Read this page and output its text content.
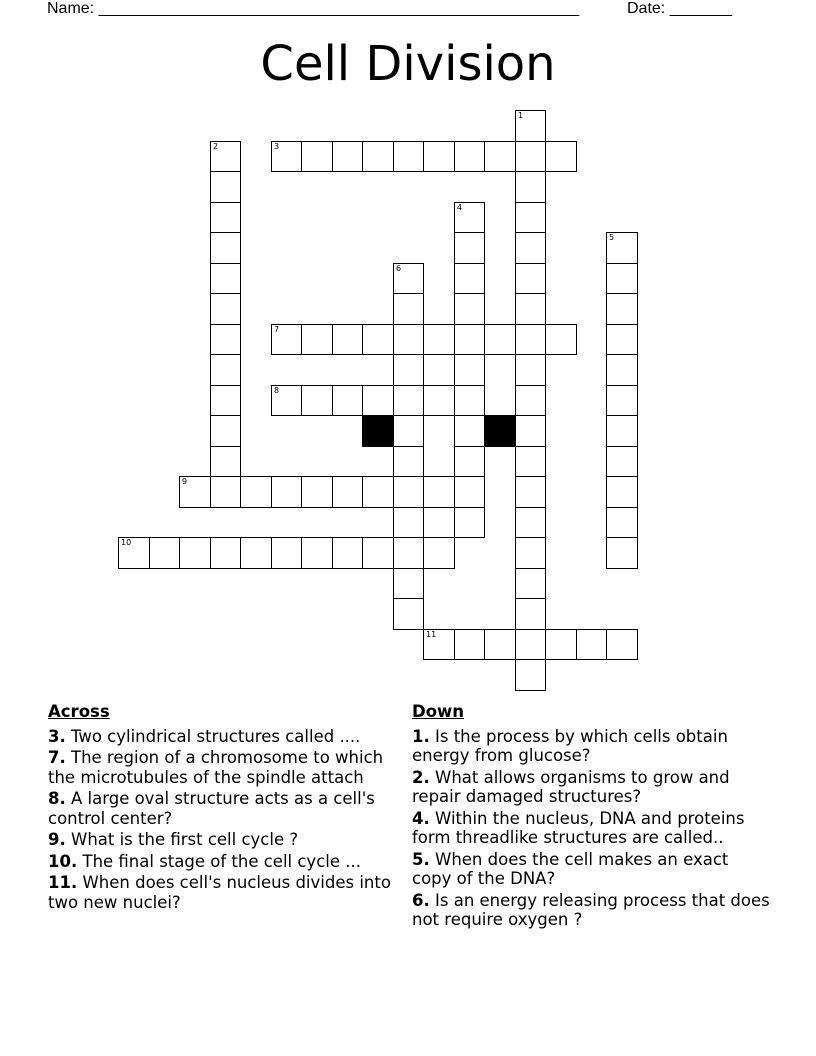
Name: ______________________________________________________	Date: _______
Cell Division
3
7
8
9
10
11
1
2
4
5
6
Across
3. Two cylindrical structures called ....
7. The region of a chromosome to which the microtubules of the spindle attach
8. A large oval structure acts as a cell's control center?
9. What is the first cell cycle ?
10. The final stage of the cell cycle ...
11. When does cell's nucleus divides into two new nuclei?
Down
1. Is the process by which cells obtain energy from glucose?
2. What allows organisms to grow and repair damaged structures?
4. Within the nucleus, DNA and proteins form threadlike structures are called..
5. When does the cell makes an exact copy of the DNA?
6. Is an energy releasing process that does not require oxygen ?
